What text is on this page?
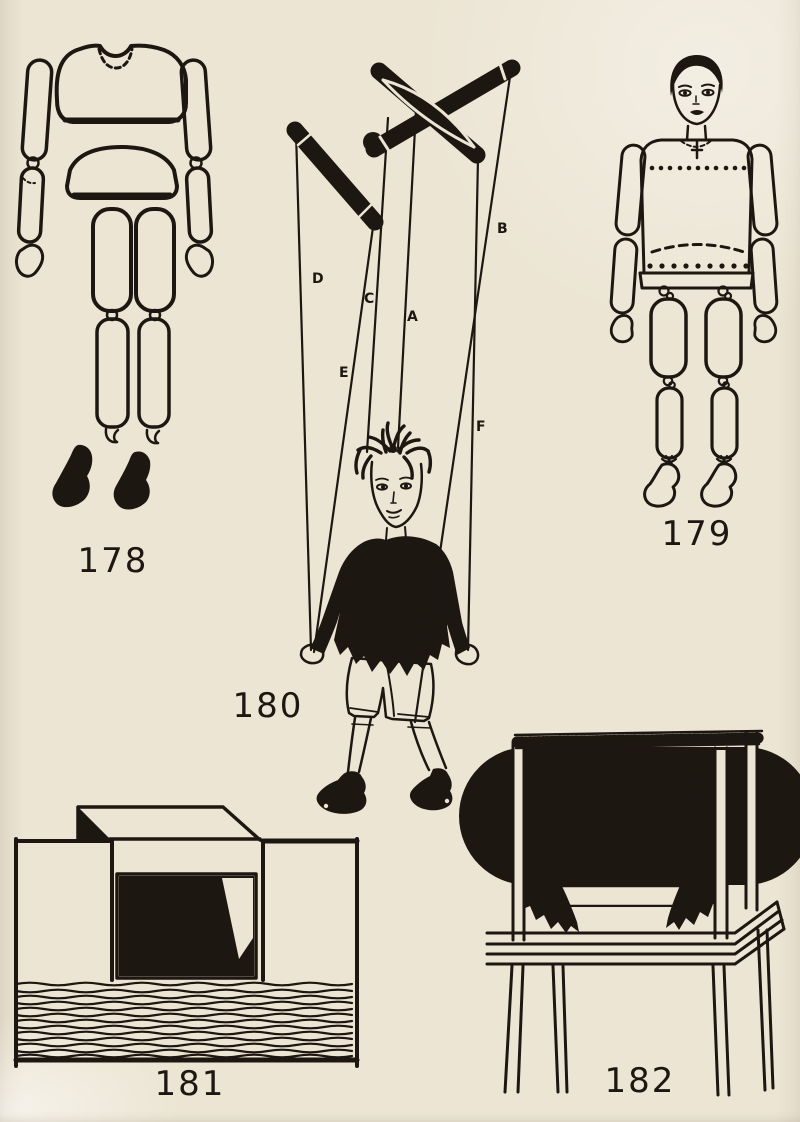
178
179
D
C
A
E
B
F
180
181	182
